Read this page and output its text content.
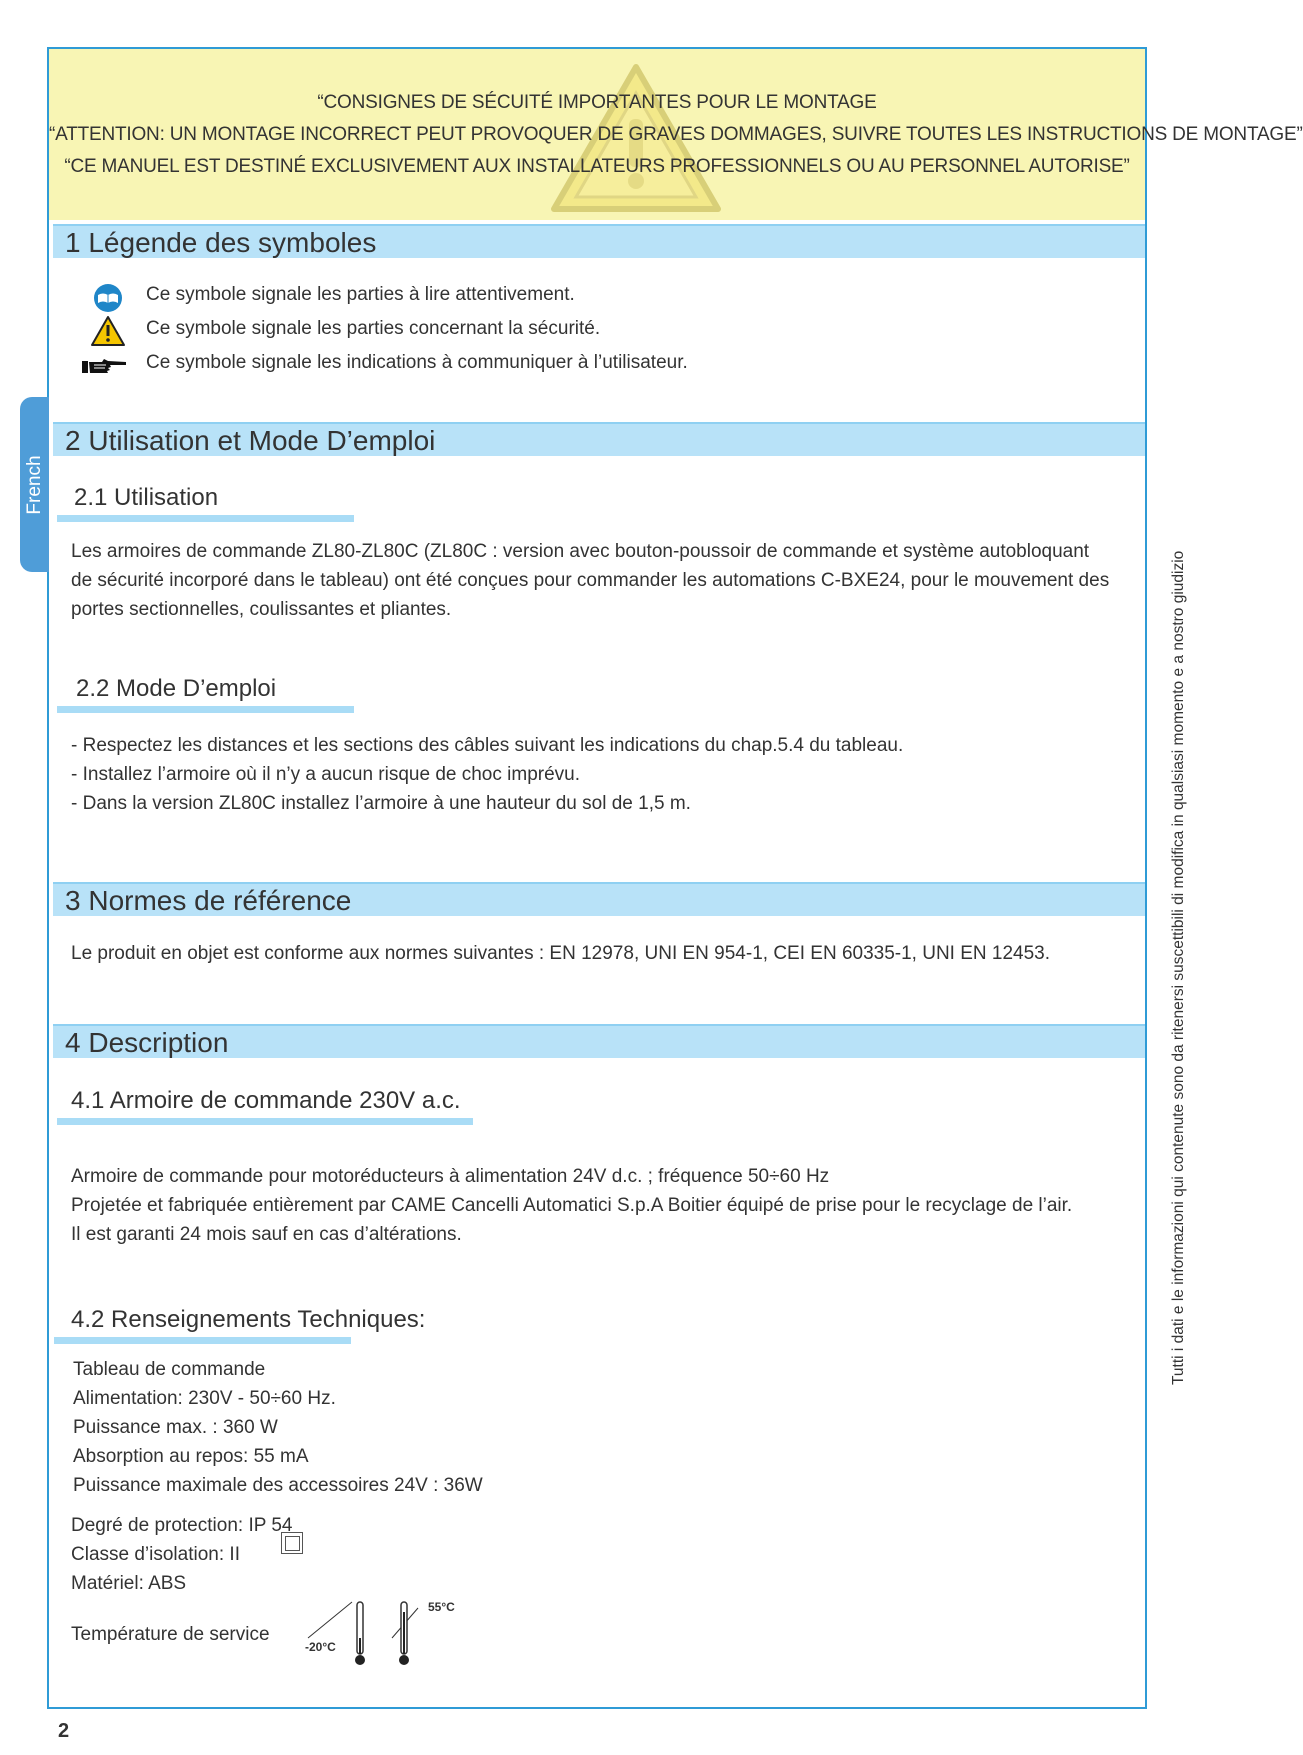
“CONSIGNES DE SÉCUITÉ IMPORTANTES POUR LE MONTAGE
“ATTENTION: UN MONTAGE INCORRECT PEUT PROVOQUER DE GRAVES DOMMAGES, SUIVRE TOUTES LES INSTRUCTIONS DE MONTAGE”
“CE MANUEL EST DESTINÉ EXCLUSIVEMENT AUX INSTALLATEURS PROFESSIONNELS OU AU PERSONNEL AUTORISE”
French
1 Légende des symboles
Ce symbole signale les parties à lire attentivement.
Ce symbole signale les parties concernant la sécurité.
Ce symbole signale les indications à communiquer à l’utilisateur.
2 Utilisation et Mode D’emploi
2.1 Utilisation
Les armoires de commande ZL80-ZL80C (ZL80C : version avec bouton-poussoir de commande et système autobloquant
de sécurité incorporé dans le tableau) ont été conçues pour commander les automations C-BXE24, pour le mouvement des
portes sectionnelles, coulissantes et pliantes.
2.2 Mode D’emploi
- Respectez les distances et les sections des câbles suivant les indications du chap.5.4 du tableau.
- Installez l’armoire où il n’y a aucun risque de choc imprévu.
- Dans la version ZL80C installez l’armoire à une hauteur du sol de 1,5 m.
3 Normes de référence
Le produit en objet est conforme aux normes suivantes : EN 12978, UNI EN 954-1, CEI EN 60335-1, UNI EN 12453.
4 Description
4.1 Armoire de commande 230V a.c.
Armoire de commande pour motoréducteurs à alimentation 24V d.c. ; fréquence 50÷60 Hz
Projetée et fabriquée entièrement par CAME Cancelli Automatici S.p.A Boitier équipé de prise pour le recyclage de l’air.
Il est garanti 24 mois sauf en cas d’altérations.
4.2 Renseignements Techniques:
Tableau de commande
Alimentation: 230V - 50÷60 Hz.
Puissance max. : 360 W
Absorption au repos: 55 mA
Puissance maximale des accessoires 24V : 36W
Degré de protection: IP 54
Classe d’isolation: II
Matériel: ABS
Température de service
-20°C
55°C
Tutti i dati e le informazioni qui contenute sono da ritenersi suscettibili di modifica in qualsiasi momento e a nostro giudizio
2
